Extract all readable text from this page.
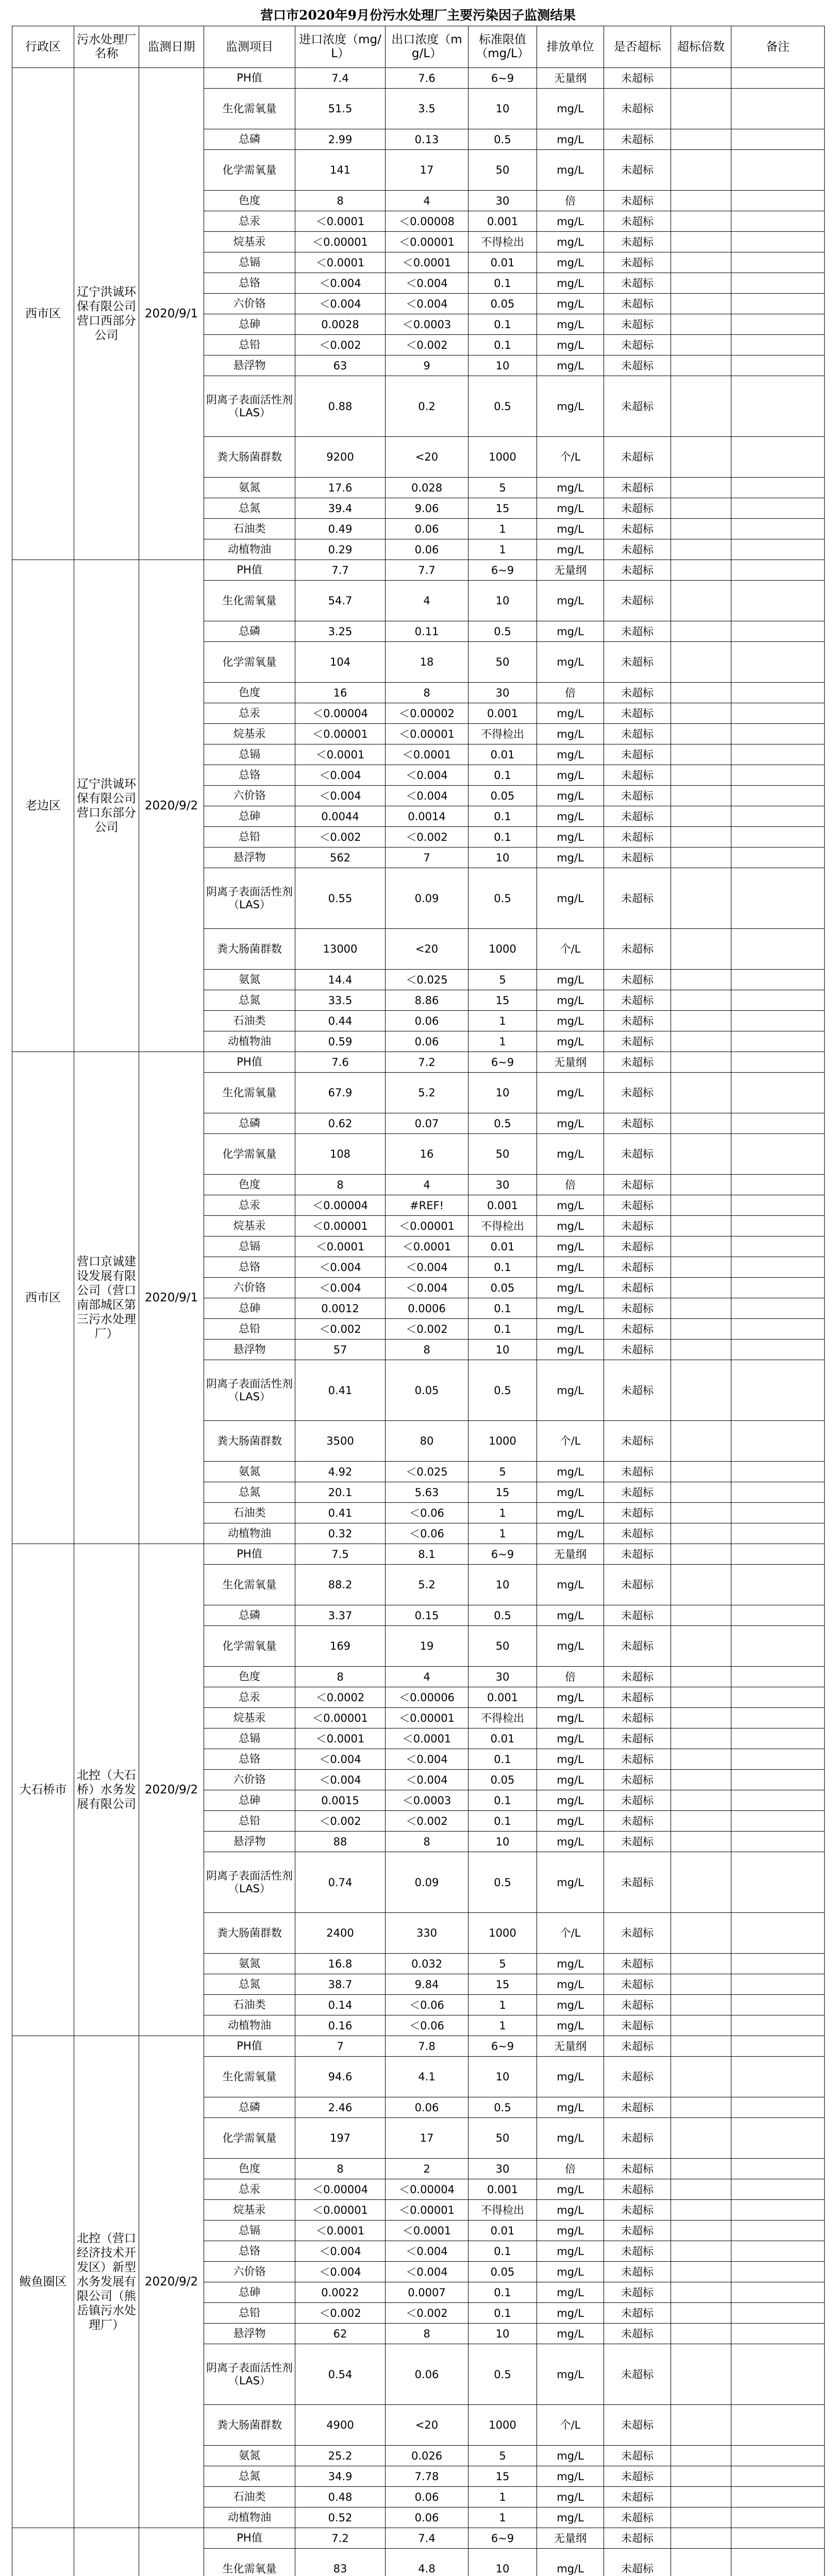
营口市2020年9月份污水处理厂主要污染因子监测结果
行政区	污水处理厂名称	监测日期	监测项目	进口浓度（mg/L）	出口浓度（mg/L）	标准限值（mg/L）	排放单位	是否超标	超标倍数	备注
西市区	辽宁洪诚环保有限公司营口西部分公司	2020/9/1	PH值	7.4	7.6	6~9	无量纲	未超标		
			生化需氧量	51.5	3.5	10	mg/L	未超标		
			总磷	2.99	0.13	0.5	mg/L	未超标		
			化学需氧量	141	17	50	mg/L	未超标		
			色度	8	4	30	倍	未超标		
			总汞	＜0.0001	＜0.00008	0.001	mg/L	未超标		
			烷基汞	＜0.00001	＜0.00001	不得检出	mg/L	未超标		
			总镉	＜0.0001	＜0.0001	0.01	mg/L	未超标		
			总铬	＜0.004	＜0.004	0.1	mg/L	未超标		
			六价铬	＜0.004	＜0.004	0.05	mg/L	未超标		
			总砷	0.0028	＜0.0003	0.1	mg/L	未超标		
			总铅	＜0.002	＜0.002	0.1	mg/L	未超标		
			悬浮物	63	9	10	mg/L	未超标		
			阴离子表面活性剂（LAS）	0.88	0.2	0.5	mg/L	未超标		
			粪大肠菌群数	9200	<20	1000	个/L	未超标		
			氨氮	17.6	0.028	5	mg/L	未超标		
			总氮	39.4	9.06	15	mg/L	未超标		
			石油类	0.49	0.06	1	mg/L	未超标		
			动植物油	0.29	0.06	1	mg/L	未超标		
老边区	辽宁洪诚环保有限公司营口东部分公司	2020/9/2	PH值	7.7	7.7	6~9	无量纲	未超标		
			生化需氧量	54.7	4	10	mg/L	未超标		
			总磷	3.25	0.11	0.5	mg/L	未超标		
			化学需氧量	104	18	50	mg/L	未超标		
			色度	16	8	30	倍	未超标		
			总汞	＜0.00004	＜0.00002	0.001	mg/L	未超标		
			烷基汞	＜0.00001	＜0.00001	不得检出	mg/L	未超标		
			总镉	＜0.0001	＜0.0001	0.01	mg/L	未超标		
			总铬	＜0.004	＜0.004	0.1	mg/L	未超标		
			六价铬	＜0.004	＜0.004	0.05	mg/L	未超标		
			总砷	0.0044	0.0014	0.1	mg/L	未超标		
			总铅	＜0.002	＜0.002	0.1	mg/L	未超标		
			悬浮物	562	7	10	mg/L	未超标		
			阴离子表面活性剂（LAS）	0.55	0.09	0.5	mg/L	未超标		
			粪大肠菌群数	13000	<20	1000	个/L	未超标		
			氨氮	14.4	＜0.025	5	mg/L	未超标		
			总氮	33.5	8.86	15	mg/L	未超标		
			石油类	0.44	0.06	1	mg/L	未超标		
			动植物油	0.59	0.06	1	mg/L	未超标		
西市区	营口京诚建设发展有限公司（营口南部城区第三污水处理厂）	2020/9/1	PH值	7.6	7.2	6~9	无量纲	未超标		
			生化需氧量	67.9	5.2	10	mg/L	未超标		
			总磷	0.62	0.07	0.5	mg/L	未超标		
			化学需氧量	108	16	50	mg/L	未超标		
			色度	8	4	30	倍	未超标		
			总汞	＜0.00004	#REF!	0.001	mg/L	未超标		
			烷基汞	＜0.00001	＜0.00001	不得检出	mg/L	未超标		
			总镉	＜0.0001	＜0.0001	0.01	mg/L	未超标		
			总铬	＜0.004	＜0.004	0.1	mg/L	未超标		
			六价铬	＜0.004	＜0.004	0.05	mg/L	未超标		
			总砷	0.0012	0.0006	0.1	mg/L	未超标		
			总铅	＜0.002	＜0.002	0.1	mg/L	未超标		
			悬浮物	57	8	10	mg/L	未超标		
			阴离子表面活性剂（LAS）	0.41	0.05	0.5	mg/L	未超标		
			粪大肠菌群数	3500	80	1000	个/L	未超标		
			氨氮	4.92	＜0.025	5	mg/L	未超标		
			总氮	20.1	5.63	15	mg/L	未超标		
			石油类	0.41	＜0.06	1	mg/L	未超标		
			动植物油	0.32	＜0.06	1	mg/L	未超标		
大石桥市	北控（大石桥）水务发展有限公司	2020/9/2	PH值	7.5	8.1	6~9	无量纲	未超标		
			生化需氧量	88.2	5.2	10	mg/L	未超标		
			总磷	3.37	0.15	0.5	mg/L	未超标		
			化学需氧量	169	19	50	mg/L	未超标		
			色度	8	4	30	倍	未超标		
			总汞	＜0.0002	＜0.00006	0.001	mg/L	未超标		
			烷基汞	＜0.00001	＜0.00001	不得检出	mg/L	未超标		
			总镉	＜0.0001	＜0.0001	0.01	mg/L	未超标		
			总铬	＜0.004	＜0.004	0.1	mg/L	未超标		
			六价铬	＜0.004	＜0.004	0.05	mg/L	未超标		
			总砷	0.0015	＜0.0003	0.1	mg/L	未超标		
			总铅	＜0.002	＜0.002	0.1	mg/L	未超标		
			悬浮物	88	8	10	mg/L	未超标		
			阴离子表面活性剂（LAS）	0.74	0.09	0.5	mg/L	未超标		
			粪大肠菌群数	2400	330	1000	个/L	未超标		
			氨氮	16.8	0.032	5	mg/L	未超标		
			总氮	38.7	9.84	15	mg/L	未超标		
			石油类	0.14	＜0.06	1	mg/L	未超标		
			动植物油	0.16	＜0.06	1	mg/L	未超标		
鲅鱼圈区	北控（营口经济技术开发区）新型水务发展有限公司（熊岳镇污水处理厂）	2020/9/2	PH值	7	7.8	6~9	无量纲	未超标		
			生化需氧量	94.6	4.1	10	mg/L	未超标		
			总磷	2.46	0.06	0.5	mg/L	未超标		
			化学需氧量	197	17	50	mg/L	未超标		
			色度	8	2	30	倍	未超标		
			总汞	＜0.00004	＜0.00004	0.001	mg/L	未超标		
			烷基汞	＜0.00001	＜0.00001	不得检出	mg/L	未超标		
			总镉	＜0.0001	＜0.0001	0.01	mg/L	未超标		
			总铬	＜0.004	＜0.004	0.1	mg/L	未超标		
			六价铬	＜0.004	＜0.004	0.05	mg/L	未超标		
			总砷	0.0022	0.0007	0.1	mg/L	未超标		
			总铅	＜0.002	＜0.002	0.1	mg/L	未超标		
			悬浮物	62	8	10	mg/L	未超标		
			阴离子表面活性剂（LAS）	0.54	0.06	0.5	mg/L	未超标		
			粪大肠菌群数	4900	<20	1000	个/L	未超标		
			氨氮	25.2	0.026	5	mg/L	未超标		
			总氮	34.9	7.78	15	mg/L	未超标		
			石油类	0.48	0.06	1	mg/L	未超标		
			动植物油	0.52	0.06	1	mg/L	未超标		
			PH值	7.2	7.4	6~9	无量纲	未超标		
			生化需氧量	83	4.8	10	mg/L	未超标		
